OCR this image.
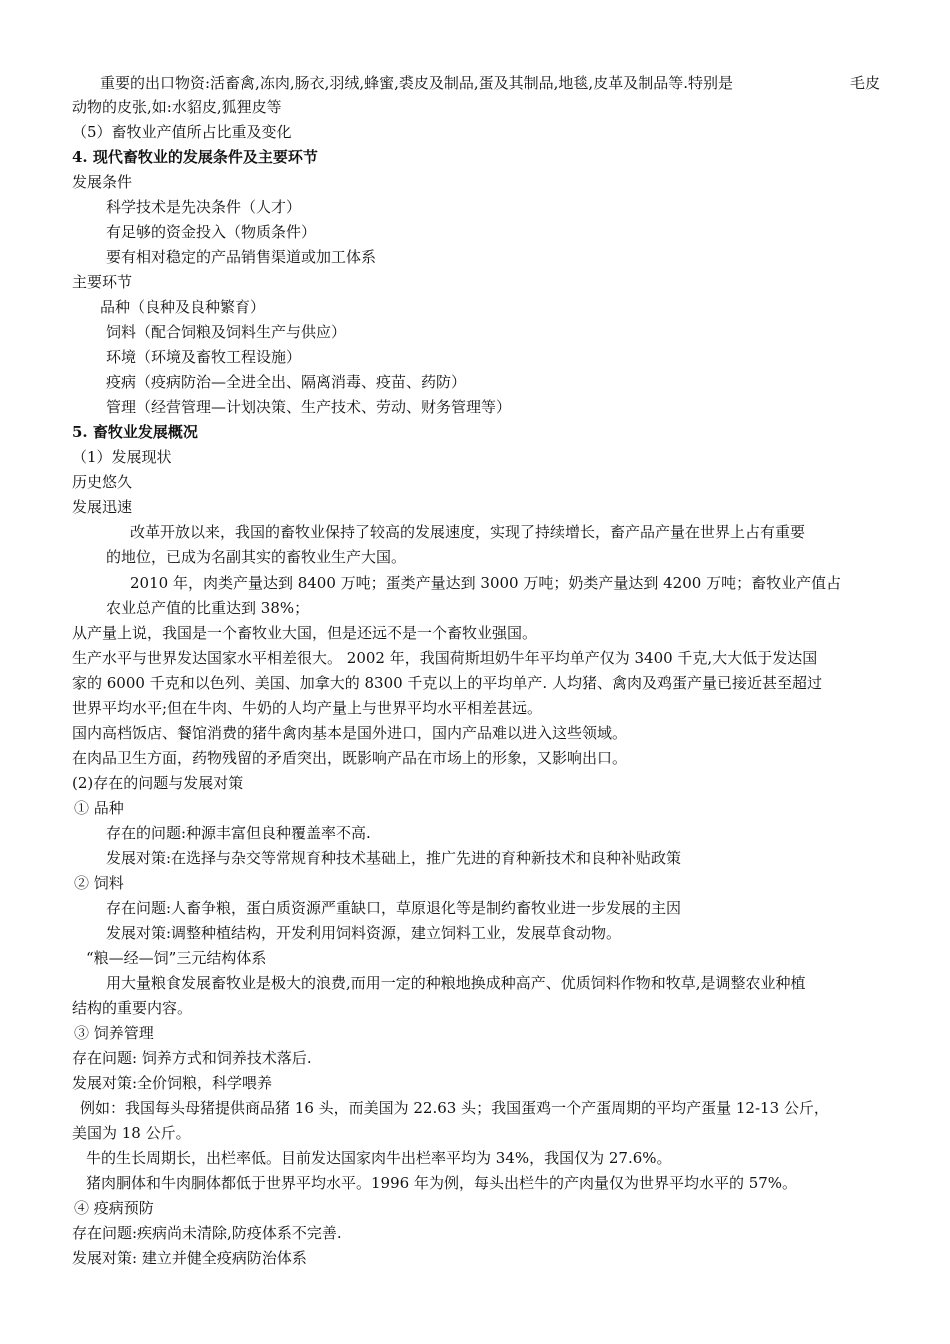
重要的出口物资:活畜禽,冻肉,肠衣,羽绒,蜂蜜,裘皮及制品,蛋及其制品,地毯,皮革及制品等.特别是	毛皮
动物的皮张,如:水貂皮,狐狸皮等
（5）畜牧业产值所占比重及变化
4. 现代畜牧业的发展条件及主要环节
发展条件
科学技术是先决条件（人才）
有足够的资金投入（物质条件）
要有相对稳定的产品销售渠道或加工体系
主要环节
品种（良种及良种繁育）
饲料（配合饲粮及饲料生产与供应）
环境（环境及畜牧工程设施）
疫病（疫病防治—全进全出、隔离消毒、疫苗、药防）
管理（经营管理—计划决策、生产技术、劳动、财务管理等）
5. 畜牧业发展概况
（1）发展现状
历史悠久
发展迅速
改革开放以来，我国的畜牧业保持了较高的发展速度，实现了持续增长，畜产品产量在世界上占有重要
的地位，已成为名副其实的畜牧业生产大国。
2010 年，肉类产量达到 8400 万吨；蛋类产量达到 3000 万吨；奶类产量达到 4200 万吨；畜牧业产值占
农业总产值的比重达到 38%；
从产量上说，我国是一个畜牧业大国，但是还远不是一个畜牧业强国。
生产水平与世界发达国家水平相差很大。 2002 年，我国荷斯坦奶牛年平均单产仅为 3400 千克,大大低于发达国
家的 6000 千克和以色列、美国、加拿大的 8300 千克以上的平均单产. 人均猪、禽肉及鸡蛋产量已接近甚至超过
世界平均水平;但在牛肉、牛奶的人均产量上与世界平均水平相差甚远。
国内高档饭店、餐馆消费的猪牛禽肉基本是国外进口，国内产品难以进入这些领域。
在肉品卫生方面，药物残留的矛盾突出，既影响产品在市场上的形象，又影响出口。
(2)存在的问题与发展对策
① 品种
存在的问题:种源丰富但良种覆盖率不高.
发展对策:在选择与杂交等常规育种技术基础上，推广先进的育种新技术和良种补贴政策
② 饲料
存在问题:人畜争粮，蛋白质资源严重缺口，草原退化等是制约畜牧业进一步发展的主因
发展对策:调整种植结构，开发利用饲料资源，建立饲料工业，发展草食动物。
“粮—经—饲”三元结构体系
用大量粮食发展畜牧业是极大的浪费,而用一定的种粮地换成种高产、优质饲料作物和牧草,是调整农业种植
结构的重要内容。
③ 饲养管理
存在问题: 饲养方式和饲养技术落后.
发展对策:全价饲粮，科学喂养
例如：我国每头母猪提供商品猪 16 头，而美国为 22.63 头；我国蛋鸡一个产蛋周期的平均产蛋量 12-13 公斤，
美国为 18 公斤。
牛的生长周期长，出栏率低。目前发达国家肉牛出栏率平均为 34%，我国仅为 27.6%。
猪肉胴体和牛肉胴体都低于世界平均水平。1996 年为例，每头出栏牛的产肉量仅为世界平均水平的 57%。
④ 疫病预防
存在问题:疾病尚未清除,防疫体系不完善.
发展对策: 建立并健全疫病防治体系
